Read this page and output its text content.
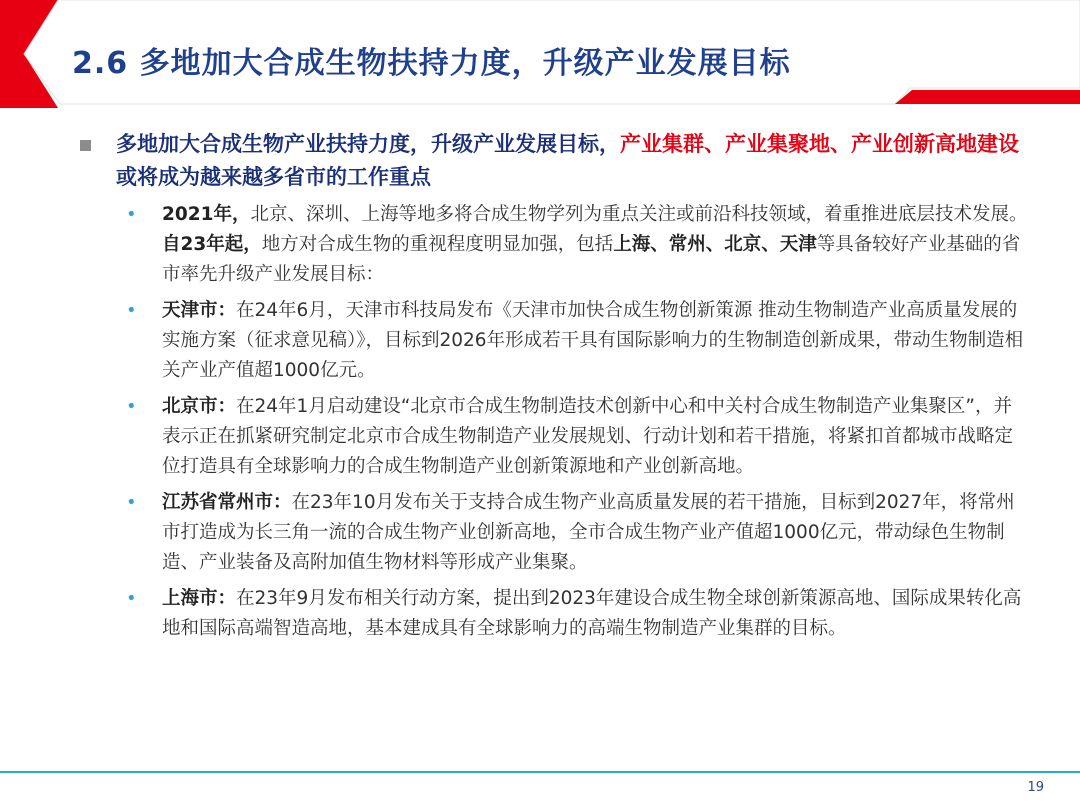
2.6 多地加大合成生物扶持力度，升级产业发展目标
多地加大合成生物产业扶持力度，升级产业发展目标，产业集群、产业集聚地、产业创新高地建设或将成为越来越多省市的工作重点
• 2021年，北京、深圳、上海等地多将合成生物学列为重点关注或前沿科技领域，着重推进底层技术发展。自23年起，地方对合成生物的重视程度明显加强，包括上海、常州、北京、天津等具备较好产业基础的省市率先升级产业发展目标：
• 天津市：在24年6月，天津市科技局发布《天津市加快合成生物创新策源 推动生物制造产业高质量发展的实施方案（征求意见稿）》，目标到2026年形成若干具有国际影响力的生物制造创新成果，带动生物制造相关产业产值超1000亿元。
• 北京市：在24年1月启动建设“北京市合成生物制造技术创新中心和中关村合成生物制造产业集聚区”，并表示正在抓紧研究制定北京市合成生物制造产业发展规划、行动计划和若干措施，将紧扣首都城市战略定位打造具有全球影响力的合成生物制造产业创新策源地和产业创新高地。
• 江苏省常州市：在23年10月发布关于支持合成生物产业高质量发展的若干措施，目标到2027年，将常州市打造成为长三角一流的合成生物产业创新高地，全市合成生物产业产值超1000亿元，带动绿色生物制造、产业装备及高附加值生物材料等形成产业集聚。
• 上海市：在23年9月发布相关行动方案，提出到2023年建设合成生物全球创新策源高地、国际成果转化高地和国际高端智造高地，基本建成具有全球影响力的高端生物制造产业集群的目标。
19
